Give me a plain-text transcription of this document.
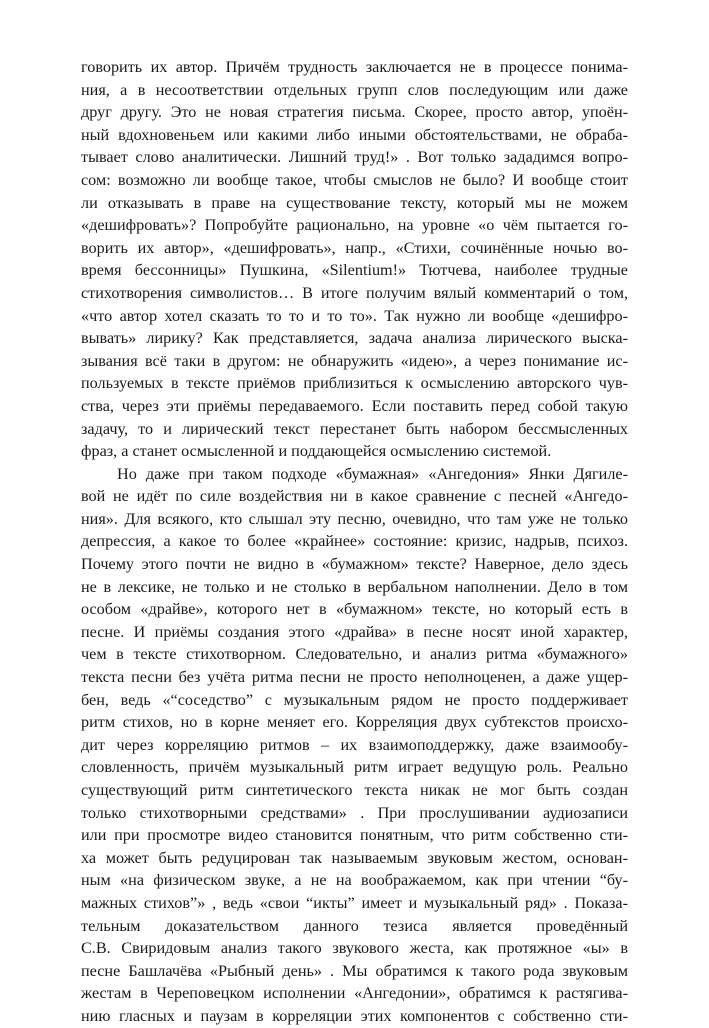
говорить их автор. Причём трудность заключается не в процессе понима-
ния, а в несоответствии отдельных групп слов последующим или даже
друг другу. Это не новая стратегия письма. Скорее, просто автор, упоён-
ный вдохновеньем или какими либо иными обстоятельствами, не обраба-
тывает слово аналитически. Лишний труд!» . Вот только зададимся вопро-
сом: возможно ли вообще такое, чтобы смыслов не было? И вообще стоит
ли отказывать в праве на существование тексту, который мы не можем
«дешифровать»? Попробуйте рационально, на уровне «о чём пытается го-
ворить их автор», «дешифровать», напр., «Стихи, сочинённые ночью во-
время бессонницы» Пушкина, «Silentium!» Тютчева, наиболее трудные
стихотворения символистов… В итоге получим вялый комментарий о том,
«что автор хотел сказать то то и то то». Так нужно ли вообще «дешифро-
вывать» лирику? Как представляется, задача анализа лирического выска-
зывания всё таки в другом: не обнаружить «идею», а через понимание ис-
пользуемых в тексте приёмов приблизиться к осмыслению авторского чув-
ства, через эти приёмы передаваемого. Если поставить перед собой такую
задачу, то и лирический текст перестанет быть набором бессмысленных
фраз, а станет осмысленной и поддающейся осмыслению системой.
Но даже при таком подходе «бумажная» «Ангедония» Янки Дягиле-
вой не идёт по силе воздействия ни в какое сравнение с песней «Ангедо-
ния». Для всякого, кто слышал эту песню, очевидно, что там уже не только
депрессия, а какое то более «крайнее» состояние: кризис, надрыв, психоз.
Почему этого почти не видно в «бумажном» тексте? Наверное, дело здесь
не в лексике, не только и не столько в вербальном наполнении. Дело в том
особом «драйве», которого нет в «бумажном» тексте, но который есть в
песне. И приёмы создания этого «драйва» в песне носят иной характер,
чем в тексте стихотворном. Следовательно, и анализ ритма «бумажного»
текста песни без учёта ритма песни не просто неполноценен, а даже ущер-
бен, ведь «“соседство” с музыкальным рядом не просто поддерживает
ритм стихов, но в корне меняет его. Корреляция двух субтекстов происхо-
дит через корреляцию ритмов – их взаимоподдержку, даже взаимообу-
словленность, причём музыкальный ритм играет ведущую роль. Реально
существующий ритм синтетического текста никак не мог быть создан
только стихотворными средствами» . При прослушивании аудиозаписи
или при просмотре видео становится понятным, что ритм собственно сти-
ха может быть редуцирован так называемым звуковым жестом, основан-
ным «на физическом звуке, а не на воображаемом, как при чтении “бу-
мажных стихов”» , ведь «свои “икты” имеет и музыкальный ряд» . Показа-
тельным доказательством данного тезиса является проведённый
С.В. Свиридовым анализ такого звукового жеста, как протяжное «ы» в
песне Башлачёва «Рыбный день» . Мы обратимся к такого рода звуковым
жестам в Череповецком исполнении «Ангедонии», обратимся к растягива-
нию гласных и паузам в корреляции этих компонентов с собственно сти-
